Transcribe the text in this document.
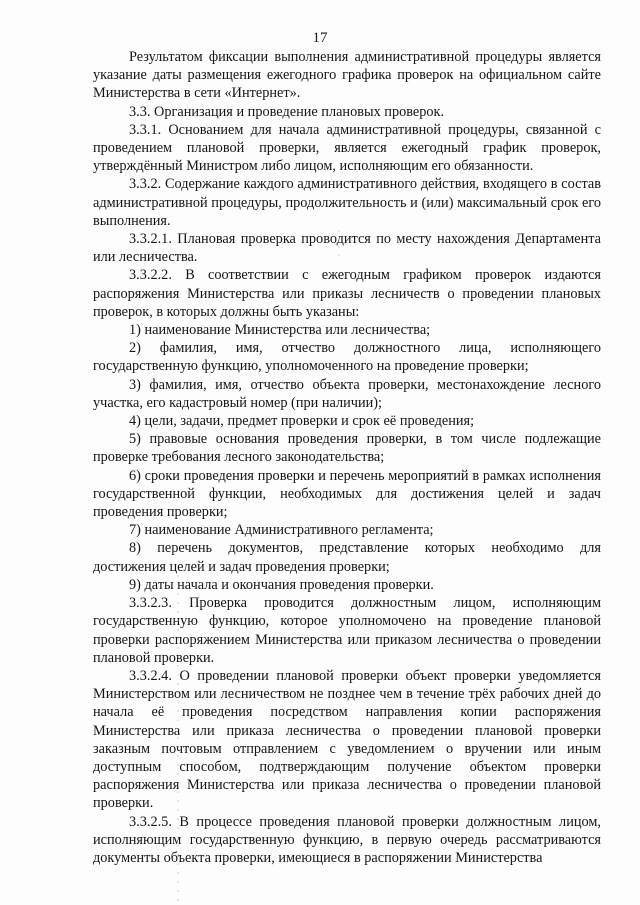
17

Результатом фиксации выполнения административной процедуры является указание даты размещения ежегодного графика проверок на официальном сайте Министерства в сети «Интернет».

3.3. Организация и проведение плановых проверок.

3.3.1. Основанием для начала административной процедуры, связанной с проведением плановой проверки, является ежегодный график проверок, утверждённый Министром либо лицом, исполняющим его обязанности.

3.3.2. Содержание каждого административного действия, входящего в состав административной процедуры, продолжительность и (или) максимальный срок его выполнения.

3.3.2.1. Плановая проверка проводится по месту нахождения Департамента или лесничества.

3.3.2.2. В соответствии с ежегодным графиком проверок издаются распоряжения Министерства или приказы лесничеств о проведении плановых проверок, в которых должны быть указаны:

1) наименование Министерства или лесничества;

2) фамилия, имя, отчество должностного лица, исполняющего государственную функцию, уполномоченного на проведение проверки;

3) фамилия, имя, отчество объекта проверки, местонахождение лесного участка, его кадастровый номер (при наличии);

4) цели, задачи, предмет проверки и срок её проведения;

5) правовые основания проведения проверки, в том числе подлежащие проверке требования лесного законодательства;

6) сроки проведения проверки и перечень мероприятий в рамках исполнения государственной функции, необходимых для достижения целей и задач проведения проверки;

7) наименование Административного регламента;

8) перечень документов, представление которых необходимо для достижения целей и задач проведения проверки;

9) даты начала и окончания проведения проверки.

3.3.2.3. Проверка проводится должностным лицом, исполняющим государственную функцию, которое уполномочено на проведение плановой проверки распоряжением Министерства или приказом лесничества о проведении плановой проверки.

3.3.2.4. О проведении плановой проверки объект проверки уведомляется Министерством или лесничеством не позднее чем в течение трёх рабочих дней до начала её проведения посредством направления копии распоряжения Министерства или приказа лесничества о проведении плановой проверки заказным почтовым отправлением с уведомлением о вручении или иным доступным способом, подтверждающим получение объектом проверки распоряжения Министерства или приказа лесничества о проведении плановой проверки.

3.3.2.5. В процессе проведения плановой проверки должностным лицом, исполняющим государственную функцию, в первую очередь рассматриваются документы объекта проверки, имеющиеся в распоряжении Министерства
